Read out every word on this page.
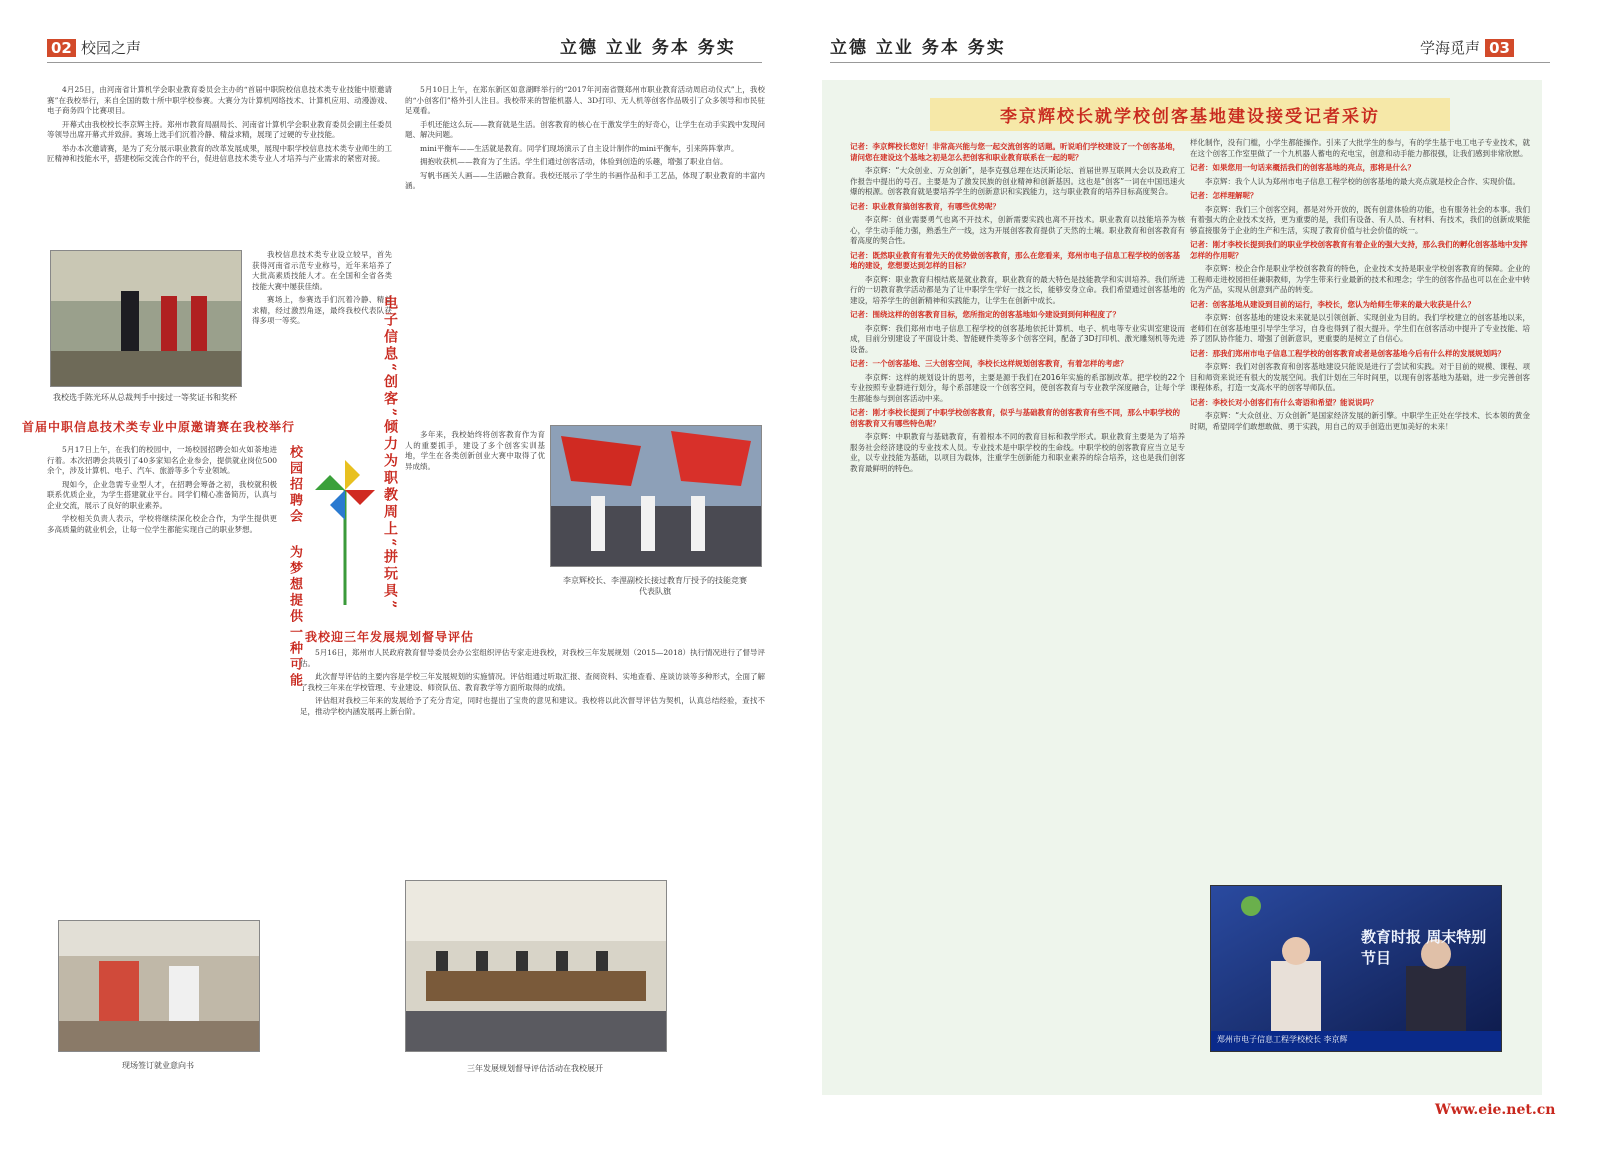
02 校园之声	立德 立业 务本 务实

4月25日，由河南省计算机学会职业教育委员会主办的“首届中职院校信息技术类专业技能中原邀请赛”在我校举行，来自全国的数十所中职学校参赛。大赛分为计算机网络技术、计算机应用、动漫游戏、电子商务四个比赛项目。

开幕式由我校校长李京辉主持。郑州市教育局副局长、河南省计算机学会职业教育委员会副主任委员等领导出席开幕式并致辞。赛场上选手们沉着冷静、精益求精，展现了过硬的专业技能。

举办本次邀请赛，是为了充分展示职业教育的改革发展成果，展现中职学校信息技术类专业师生的工匠精神和技能水平，搭建校际交流合作的平台，促进信息技术类专业人才培养与产业需求的紧密对接。

我校选手陈光环从总裁判手中接过一等奖证书和奖杯

我校信息技术类专业设立较早，首先获得河南省示范专业称号，近年来培养了大批高素质技能人才。在全国和全省各类技能大赛中屡获佳绩。

赛场上，参赛选手们沉着冷静、精益求精，经过激烈角逐，最终我校代表队获得多项一等奖。

首届中职信息技术类专业中原邀请赛在我校举行

5月10日上午，在郑东新区如意湖畔举行的“2017年河南省暨郑州市职业教育活动周启动仪式”上，我校的“小创客们”格外引人注目。我校带来的智能机器人、3D打印、无人机等创客作品吸引了众多领导和市民驻足观看。

手机还能这么玩——教育就是生活。创客教育的核心在于激发学生的好奇心，让学生在动手实践中发现问题、解决问题。

mini平衡车——生活就是教育。同学们现场演示了自主设计制作的mini平衡车，引来阵阵掌声。

拥抱收获机——教育为了生活。学生们通过创客活动，体验到创造的乐趣，增强了职业自信。

写帆书画关人画——生活融合教育。我校还展示了学生的书画作品和手工艺品，体现了职业教育的丰富内涵。

电子信息“创客”倾力为职教周上“拼玩具”	多年来，我校始终将创客教育作为育人的重要抓手，建设了多个创客实训基地，学生在各类创新创业大赛中取得了优异成绩。

李京辉校长、李浬副校长接过教育厅授予的技能竞赛代表队旗
校园招聘会
为梦想提供一种可能

5月17日上午，在我们的校园中，一场校园招聘会如火如荼地进行着。本次招聘会共吸引了40多家知名企业参会，提供就业岗位500余个，涉及计算机、电子、汽车、旅游等多个专业领域。

现如今，企业急需专业型人才，在招聘会筹备之初，我校就积极联系优质企业，为学生搭建就业平台。同学们精心准备简历，认真与企业交流，展示了良好的职业素养。

学校相关负责人表示，学校将继续深化校企合作，为学生提供更多高质量的就业机会，让每一位学生都能实现自己的职业梦想。

现场签订就业意向书
我校迎三年发展规划督导评估

5月16日，郑州市人民政府教育督导委员会办公室组织评估专家走进我校，对我校三年发展规划（2015—2018）执行情况进行了督导评估。

此次督导评估的主要内容是学校三年发展规划的实施情况。评估组通过听取汇报、查阅资料、实地查看、座谈访谈等多种形式，全面了解了我校三年来在学校管理、专业建设、师资队伍、教育教学等方面所取得的成绩。

评估组对我校三年来的发展给予了充分肯定，同时也提出了宝贵的意见和建议。我校将以此次督导评估为契机，认真总结经验，查找不足，推动学校内涵发展再上新台阶。

三年发展规划督导评估活动在我校展开
立德 立业 务本 务实	学海觅声 03
李京辉校长就学校创客基地建设接受记者采访
记者：李京辉校长您好！非常高兴能与您一起交流创客的话题。听说咱们学校建设了一个创客基地，请问您在建设这个基地之初是怎么把创客和职业教育联系在一起的呢？
李京辉：“大众创业、万众创新”，是李克强总理在达沃斯论坛、首届世界互联网大会以及政府工作报告中提出的号召。主要是为了激发民族的创业精神和创新基因。这也是“创客”一词在中国迅速火爆的根源。创客教育就是要培养学生的创新意识和实践能力，这与职业教育的培养目标高度契合。
记者：职业教育搞创客教育，有哪些优势呢？
李京辉：创业需要勇气也离不开技术，创新需要实践也离不开技术。职业教育以技能培养为核心，学生动手能力强，熟悉生产一线，这为开展创客教育提供了天然的土壤。职业教育和创客教育有着高度的契合性。
记者：既然职业教育有着先天的优势做创客教育，那么在您看来，郑州市电子信息工程学校的创客基地的建设，您想要达到怎样的目标？
李京辉：职业教育归根结底是就业教育，职业教育的最大特色是技能教学和实训培养。我们所进行的一切教育教学活动都是为了让中职学生学好一技之长，能够安身立命。我们希望通过创客基地的建设，培养学生的创新精神和实践能力，让学生在创新中成长。
记者：围绕这样的创客教育目标，您所指定的创客基地如今建设到到何种程度了？
李京辉：我们郑州市电子信息工程学校的创客基地依托计算机、电子、机电等专业实训室建设而成，目前分别建设了平面设计类、智能硬件类等多个创客空间，配备了3D打印机、激光雕刻机等先进设备。
记者：一个创客基地、三大创客空间，李校长这样规划创客教育，有着怎样的考虑？
李京辉：这样的规划设计的思考，主要是源于我们在2016年实施的系部制改革。把学校的22个专业按照专业群进行划分，每个系部建设一个创客空间，使创客教育与专业教学深度融合，让每个学生都能参与到创客活动中来。
记者：刚才李校长提到了中职学校创客教育，似乎与基础教育的创客教育有些不同，那么中职学校的创客教育又有哪些特色呢？
李京辉：中职教育与基础教育，有着根本不同的教育目标和教学形式。职业教育主要是为了培养服务社会经济建设的专业技术人员。专业技术是中职学校的生命线。中职学校的创客教育应当立足专业，以专业技能为基础，以项目为载体，注重学生创新能力和职业素养的综合培养，这也是我们创客教育最鲜明的特色。
样化制作，没有门槛，小学生都能操作。引来了大批学生的参与，有的学生基于电工电子专业技术，就在这个创客工作室里做了一个九机器人蓄电的充电宝，创意和动手能力都很强，让我们感到非常欣慰。
记者：如果您用一句话来概括我们的创客基地的亮点，那将是什么？
李京辉：我个人认为郑州市电子信息工程学校的创客基地的最大亮点就是校企合作、实现价值。
记者：怎样理解呢？
李京辉：我们三个创客空间，都是对外开放的，既有创意体验的功能，也有服务社会的本事。我们有着强大的企业技术支持，更为重要的是，我们有设备、有人员、有材料、有技术，我们的创新成果能够直接服务于企业的生产和生活，实现了教育价值与社会价值的统一。
记者：刚才李校长提到我们的职业学校创客教育有着企业的强大支持，那么我们的孵化创客基地中发挥怎样的作用呢？
李京辉：校企合作是职业学校创客教育的特色，企业技术支持是职业学校创客教育的保障。企业的工程师走进校园担任兼职教师，为学生带来行业最新的技术和理念；学生的创客作品也可以在企业中转化为产品，实现从创意到产品的转变。
记者：创客基地从建设到目前的运行，李校长，您认为给师生带来的最大收获是什么？
李京辉：创客基地的建设未来就是以引领创新、实现创业为目的。我们学校建立的创客基地以来，老师们在创客基地里引导学生学习，自身也得到了很大提升。学生们在创客活动中提升了专业技能、培养了团队协作能力、增强了创新意识，更重要的是树立了自信心。
记者：那我们郑州市电子信息工程学校的创客教育或者是创客基地今后有什么样的发展规划吗？
李京辉：我们对创客教育和创客基地建设只能说是进行了尝试和实践。对于目前的规模、课程、项目和师资来说还有很大的发展空间。我们计划在三年时间里，以现有创客基地为基础，进一步完善创客课程体系，打造一支高水平的创客导师队伍。
记者：李校长对小创客们有什么寄语和希望？能说说吗？
李京辉：“大众创业、万众创新”是国家经济发展的新引擎。中职学生正处在学技术、长本领的黄金时期，希望同学们敢想敢做、勇于实践，用自己的双手创造出更加美好的未来！
教育时报 周末特别节目
郑州市电子信息工程学校校长 李京辉
Www.eie.net.cn
